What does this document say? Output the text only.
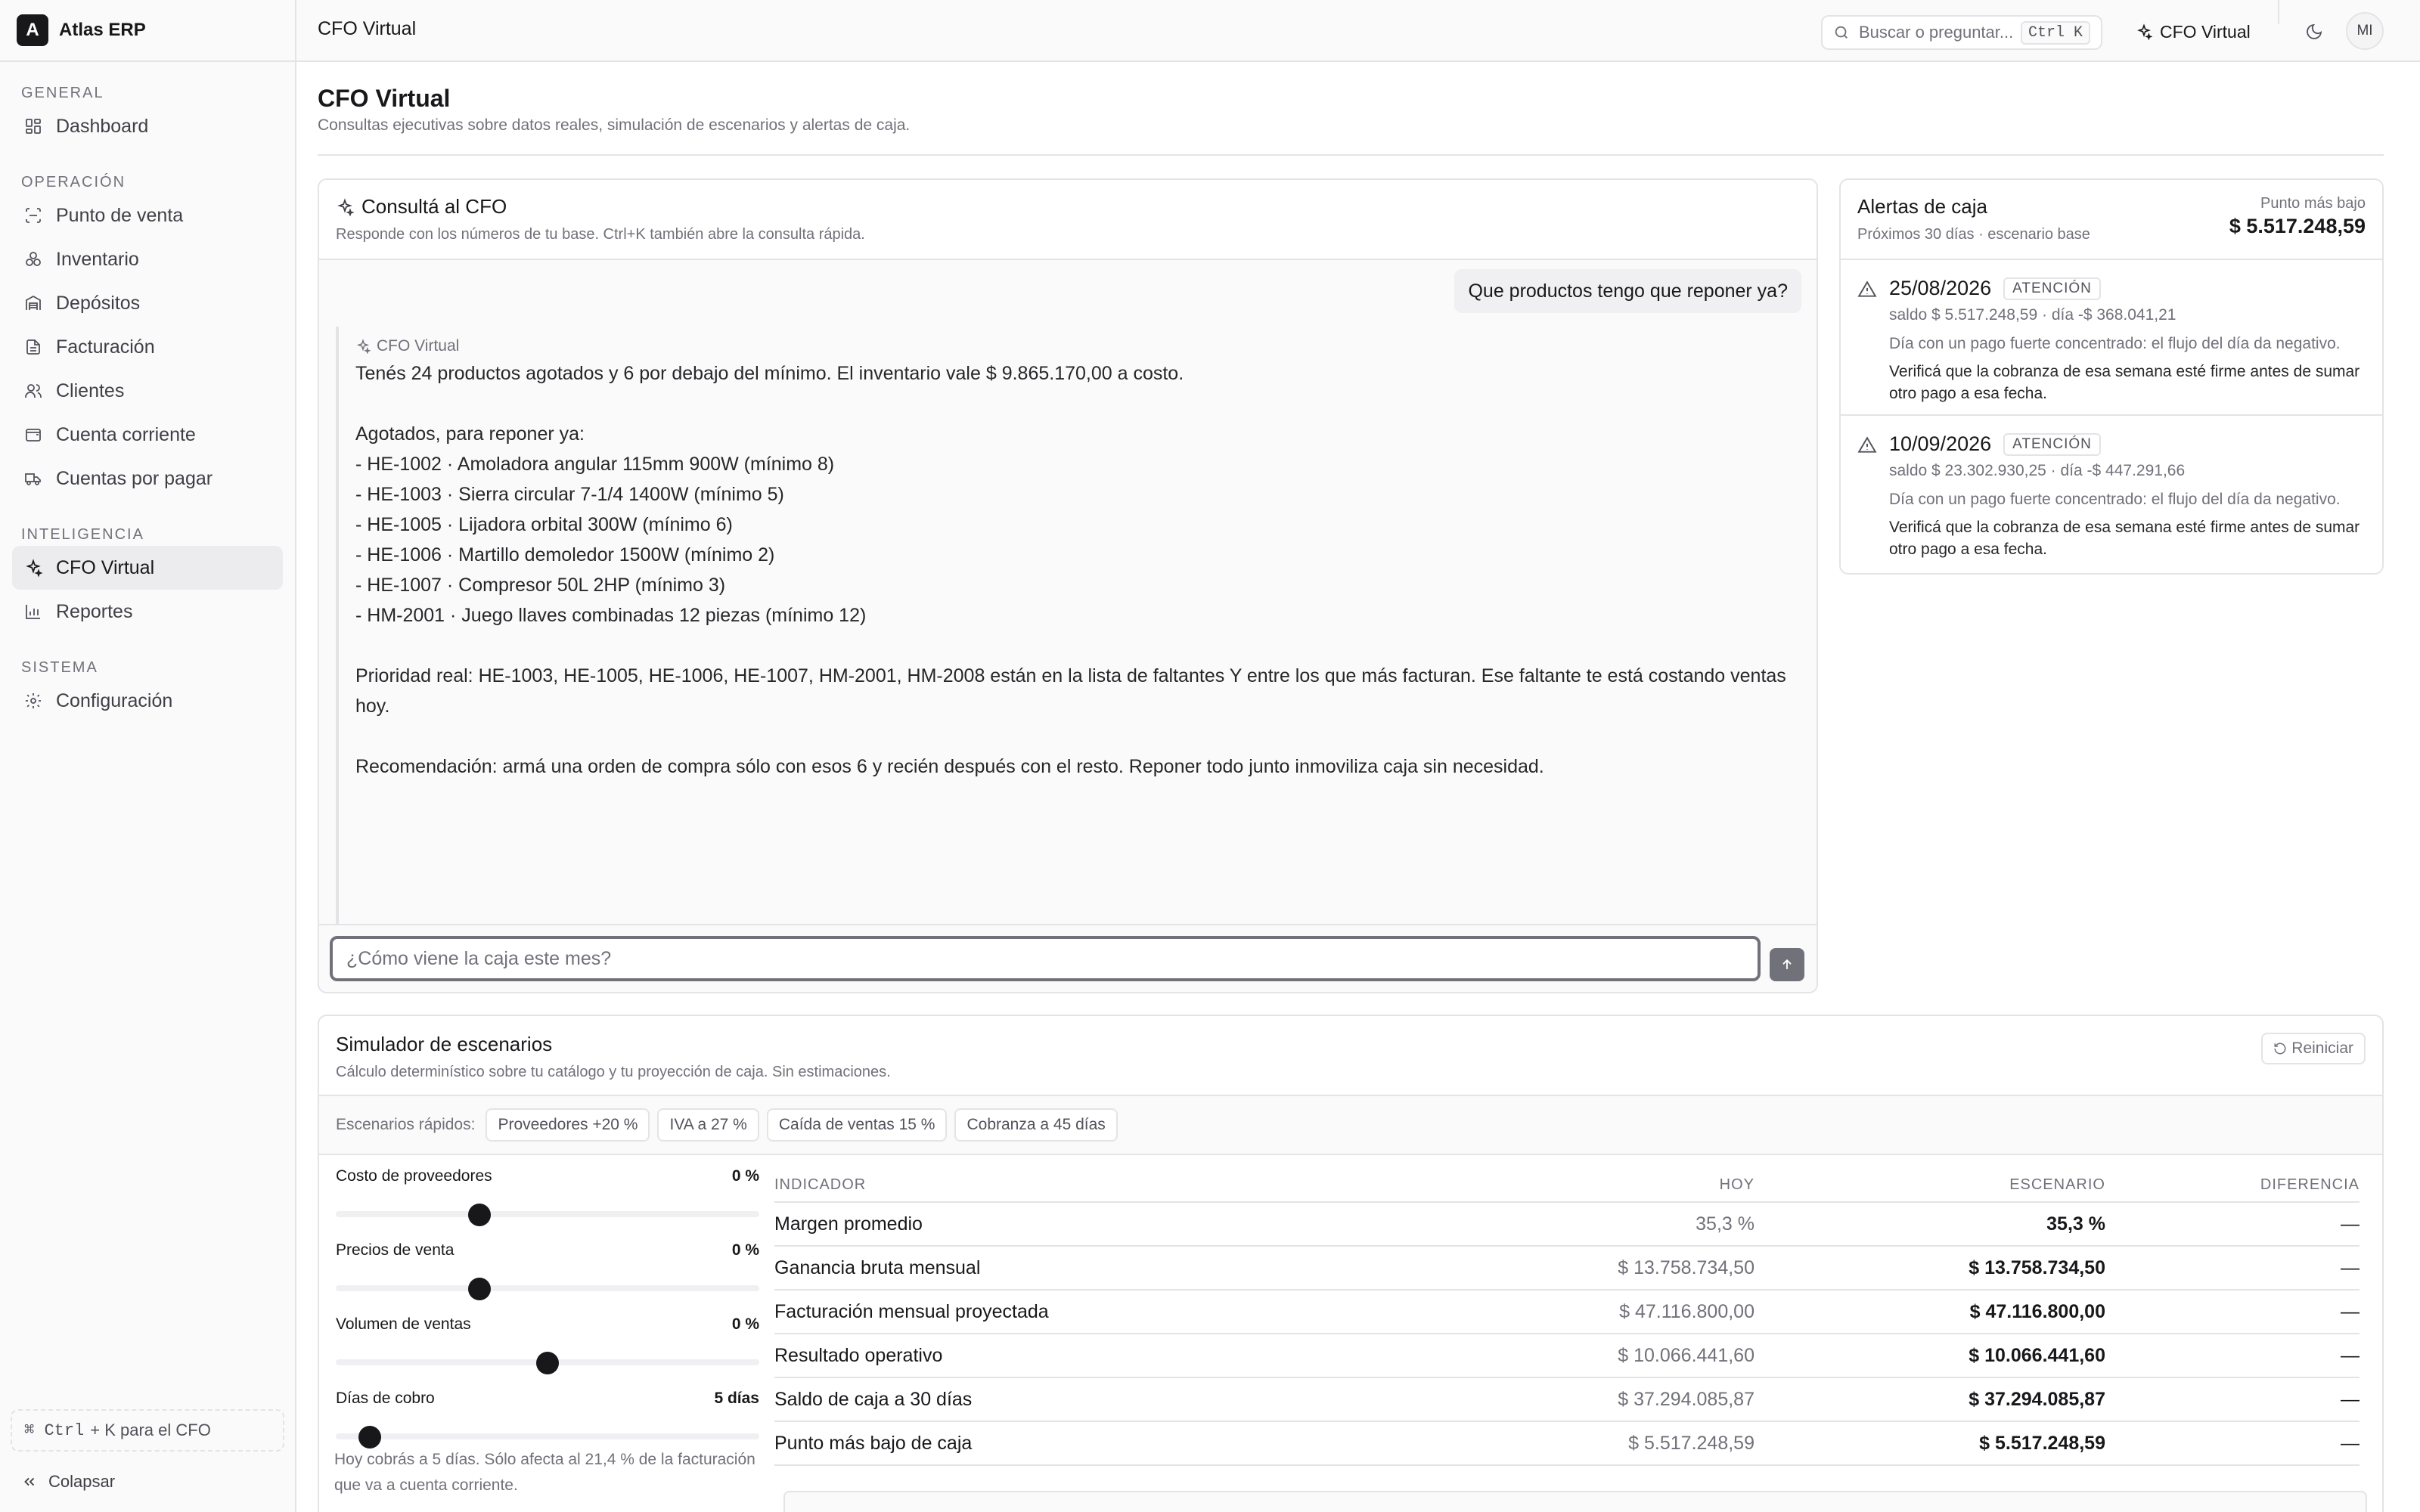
A	Atlas ERP
GENERAL
Dashboard
OPERACIÓN
Punto de venta
Inventario
Depósitos
Facturación
Clientes
Cuenta corriente
Cuentas por pagar
INTELIGENCIA
CFO Virtual
Reportes
SISTEMA
Configuración
⌘ Ctrl + K para el CFO
Colapsar
CFO Virtual	Buscar o preguntar... Ctrl K	CFO Virtual	MI
CFO Virtual
Consultas ejecutivas sobre datos reales, simulación de escenarios y alertas de caja.
Consultá al CFO
Responde con los números de tu base. Ctrl+K también abre la consulta rápida.
Que productos tengo que reponer ya?
CFO Virtual
Tenés 24 productos agotados y 6 por debajo del mínimo. El inventario vale $ 9.865.170,00 a costo.
Agotados, para reponer ya:
- HE-1002 · Amoladora angular 115mm 900W (mínimo 8)
- HE-1003 · Sierra circular 7-1/4 1400W (mínimo 5)
- HE-1005 · Lijadora orbital 300W (mínimo 6)
- HE-1006 · Martillo demoledor 1500W (mínimo 2)
- HE-1007 · Compresor 50L 2HP (mínimo 3)
- HM-2001 · Juego llaves combinadas 12 piezas (mínimo 12)
Prioridad real: HE-1003, HE-1005, HE-1006, HE-1007, HM-2001, HM-2008 están en la lista de faltantes Y entre los que más facturan. Ese faltante te está costando ventas
hoy.
Recomendación: armá una orden de compra sólo con esos 6 y recién después con el resto. Reponer todo junto inmoviliza caja sin necesidad.
¿Cómo viene la caja este mes?
Alertas de caja
Próximos 30 días · escenario base
Punto más bajo
$ 5.517.248,59
25/08/2026	ATENCIÓN
saldo $ 5.517.248,59 · día -$ 368.041,21
Día con un pago fuerte concentrado: el flujo del día da negativo.
Verificá que la cobranza de esa semana esté firme antes de sumar otro pago a esa fecha.
10/09/2026	ATENCIÓN
saldo $ 23.302.930,25 · día -$ 447.291,66
Día con un pago fuerte concentrado: el flujo del día da negativo.
Verificá que la cobranza de esa semana esté firme antes de sumar otro pago a esa fecha.
Simulador de escenarios
Cálculo determinístico sobre tu catálogo y tu proyección de caja. Sin estimaciones.
Reiniciar
Escenarios rápidos:	Proveedores +20 %	IVA a 27 %	Caída de ventas 15 %	Cobranza a 45 días
Costo de proveedores	0 %
Precios de venta	0 %
Volumen de ventas	0 %
Días de cobro	5 días
Hoy cobrás a 5 días. Sólo afecta al 21,4 % de la facturación que va a cuenta corriente.
INDICADOR	HOY	ESCENARIO	DIFERENCIA
Margen promedio	35,3 %	35,3 %	—
Ganancia bruta mensual	$ 13.758.734,50	$ 13.758.734,50	—
Facturación mensual proyectada	$ 47.116.800,00	$ 47.116.800,00	—
Resultado operativo	$ 10.066.441,60	$ 10.066.441,60	—
Saldo de caja a 30 días	$ 37.294.085,87	$ 37.294.085,87	—
Punto más bajo de caja	$ 5.517.248,59	$ 5.517.248,59	—
